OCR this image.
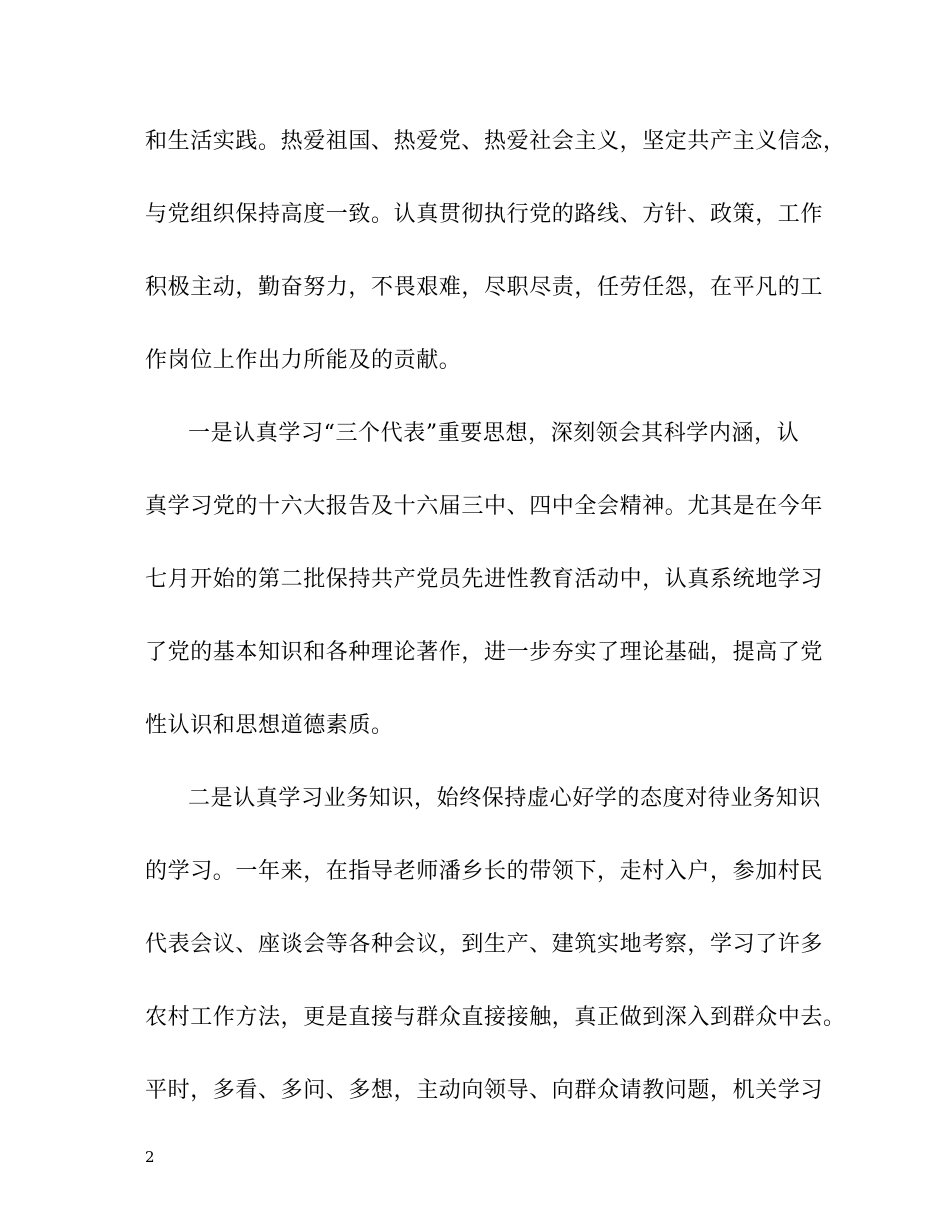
和生活实践。热爱祖国、热爱党、热爱社会主义，坚定共产主义信念，
与党组织保持高度一致。认真贯彻执行党的路线、方针、政策，工作
积极主动，勤奋努力，不畏艰难，尽职尽责，任劳任怨，在平凡的工
作岗位上作出力所能及的贡献。
一是认真学习“三个代表”重要思想，深刻领会其科学内涵，认
真学习党的十六大报告及十六届三中、四中全会精神。尤其是在今年
七月开始的第二批保持共产党员先进性教育活动中，认真系统地学习
了党的基本知识和各种理论著作，进一步夯实了理论基础，提高了党
性认识和思想道德素质。
二是认真学习业务知识，始终保持虚心好学的态度对待业务知识
的学习。一年来，在指导老师潘乡长的带领下，走村入户，参加村民
代表会议、座谈会等各种会议，到生产、建筑实地考察，学习了许多
农村工作方法，更是直接与群众直接接触，真正做到深入到群众中去。
平时，多看、多问、多想，主动向领导、向群众请教问题，机关学习
2
